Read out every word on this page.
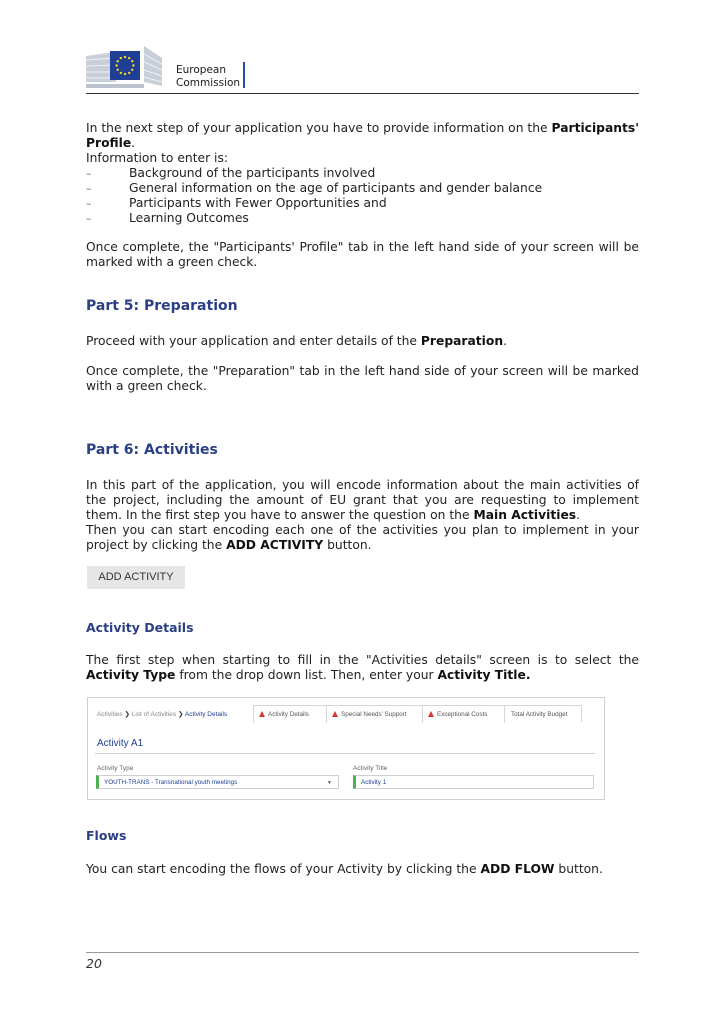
European
Commission
In the next step of your application you have to provide information on the Participants' Profile.
Information to enter is:
–	Background of the participants involved
–	General information on the age of participants and gender balance
–	Participants with Fewer Opportunities and
–	Learning Outcomes
Once complete, the "Participants' Profile" tab in the left hand side of your screen will be marked with a green check.
Part 5: Preparation
Proceed with your application and enter details of the Preparation.
Once complete, the "Preparation" tab in the left hand side of your screen will be marked with a green check.
Part 6: Activities
In this part of the application, you will encode information about the main activities of the project, including the amount of EU grant that you are requesting to implement them. In the first step you have to answer the question on the Main Activities.
Then you can start encoding each one of the activities you plan to implement in your project by clicking the ADD ACTIVITY button.
ADD ACTIVITY
Activity Details
The first step when starting to fill in the "Activities details" screen is to select the Activity Type from the drop down list. Then, enter your Activity Title.
Activities ❯ List of Activities ❯ Activity Details	Activity Details	Special Needs' Support	Exceptional Costs	Total Activity Budget
Activity A1
Activity Type
YOUTH-TRANS - Transnational youth meetings	▼
Activity Title
Activity 1
Flows
You can start encoding the flows of your Activity by clicking the ADD FLOW button.
20
